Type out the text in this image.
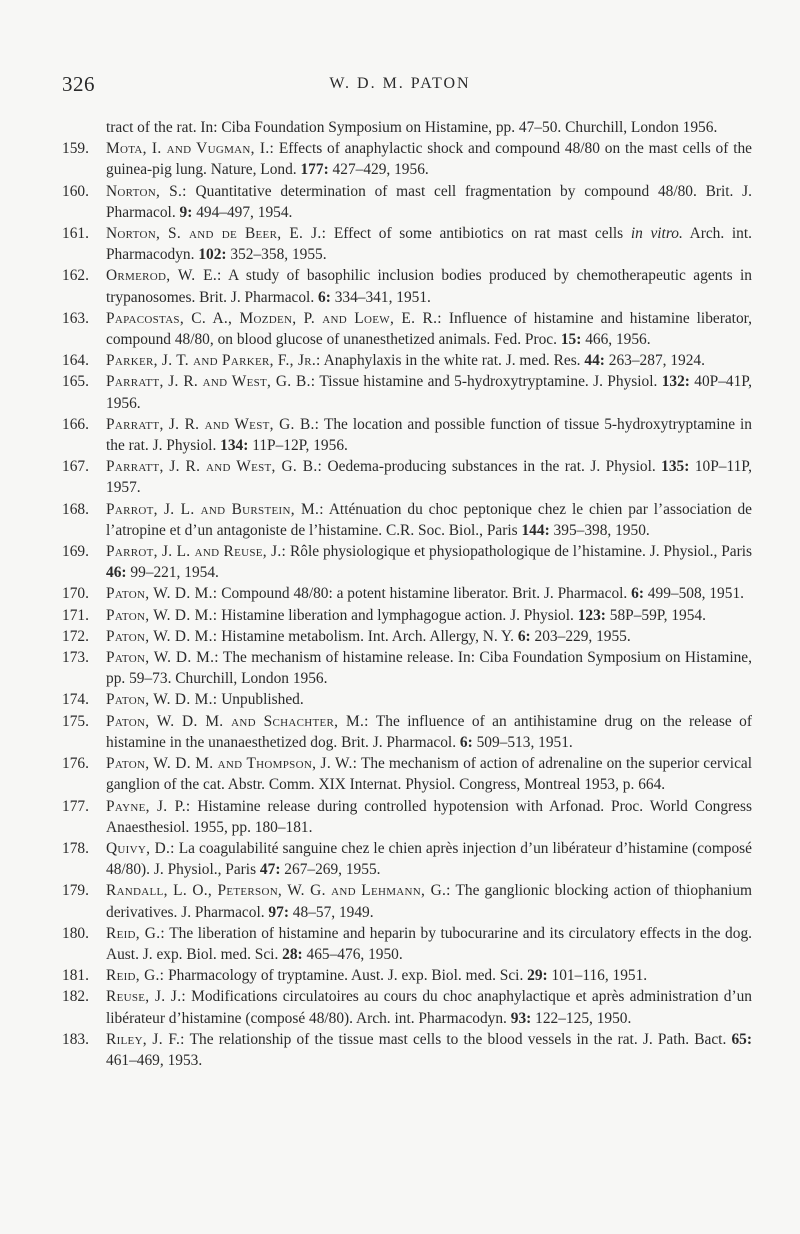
326	W. D. M. PATON
tract of the rat. In: Ciba Foundation Symposium on Histamine, pp. 47–50. Churchill, London 1956.
159.	Mota, I. and Vugman, I.: Effects of anaphylactic shock and compound 48/80 on the mast cells of the guinea-pig lung. Nature, Lond. 177: 427–429, 1956.
160.	Norton, S.: Quantitative determination of mast cell fragmentation by compound 48/80. Brit. J. Pharmacol. 9: 494–497, 1954.
161.	Norton, S. and de Beer, E. J.: Effect of some antibiotics on rat mast cells in vitro. Arch. int. Pharmacodyn. 102: 352–358, 1955.
162.	Ormerod, W. E.: A study of basophilic inclusion bodies produced by chemotherapeutic agents in trypanosomes. Brit. J. Pharmacol. 6: 334–341, 1951.
163.	Papacostas, C. A., Mozden, P. and Loew, E. R.: Influence of histamine and histamine liberator, compound 48/80, on blood glucose of unanesthetized animals. Fed. Proc. 15: 466, 1956.
164.	Parker, J. T. and Parker, F., Jr.: Anaphylaxis in the white rat. J. med. Res. 44: 263–287, 1924.
165.	Parratt, J. R. and West, G. B.: Tissue histamine and 5-hydroxytryptamine. J. Physiol. 132: 40P–41P, 1956.
166.	Parratt, J. R. and West, G. B.: The location and possible function of tissue 5-hydroxytryptamine in the rat. J. Physiol. 134: 11P–12P, 1956.
167.	Parratt, J. R. and West, G. B.: Oedema-producing substances in the rat. J. Physiol. 135: 10P–11P, 1957.
168.	Parrot, J. L. and Burstein, M.: Atténuation du choc peptonique chez le chien par l’association de l’atropine et d’un antagoniste de l’histamine. C.R. Soc. Biol., Paris 144: 395–398, 1950.
169.	Parrot, J. L. and Reuse, J.: Rôle physiologique et physiopathologique de l’histamine. J. Physiol., Paris 46: 99–221, 1954.
170.	Paton, W. D. M.: Compound 48/80: a potent histamine liberator. Brit. J. Pharmacol. 6: 499–508, 1951.
171.	Paton, W. D. M.: Histamine liberation and lymphagogue action. J. Physiol. 123: 58P–59P, 1954.
172.	Paton, W. D. M.: Histamine metabolism. Int. Arch. Allergy, N. Y. 6: 203–229, 1955.
173.	Paton, W. D. M.: The mechanism of histamine release. In: Ciba Foundation Symposium on Histamine, pp. 59–73. Churchill, London 1956.
174.	Paton, W. D. M.: Unpublished.
175.	Paton, W. D. M. and Schachter, M.: The influence of an antihistamine drug on the release of histamine in the unanaesthetized dog. Brit. J. Pharmacol. 6: 509–513, 1951.
176.	Paton, W. D. M. and Thompson, J. W.: The mechanism of action of adrenaline on the superior cervical ganglion of the cat. Abstr. Comm. XIX Internat. Physiol. Congress, Montreal 1953, p. 664.
177.	Payne, J. P.: Histamine release during controlled hypotension with Arfonad. Proc. World Congress Anaesthesiol. 1955, pp. 180–181.
178.	Quivy, D.: La coagulabilité sanguine chez le chien après injection d’un libérateur d’histamine (composé 48/80). J. Physiol., Paris 47: 267–269, 1955.
179.	Randall, L. O., Peterson, W. G. and Lehmann, G.: The ganglionic blocking action of thiophanium derivatives. J. Pharmacol. 97: 48–57, 1949.
180.	Reid, G.: The liberation of histamine and heparin by tubocurarine and its circulatory effects in the dog. Aust. J. exp. Biol. med. Sci. 28: 465–476, 1950.
181.	Reid, G.: Pharmacology of tryptamine. Aust. J. exp. Biol. med. Sci. 29: 101–116, 1951.
182.	Reuse, J. J.: Modifications circulatoires au cours du choc anaphylactique et après administration d’un libérateur d’histamine (composé 48/80). Arch. int. Pharmacodyn. 93: 122–125, 1950.
183.	Riley, J. F.: The relationship of the tissue mast cells to the blood vessels in the rat. J. Path. Bact. 65: 461–469, 1953.
